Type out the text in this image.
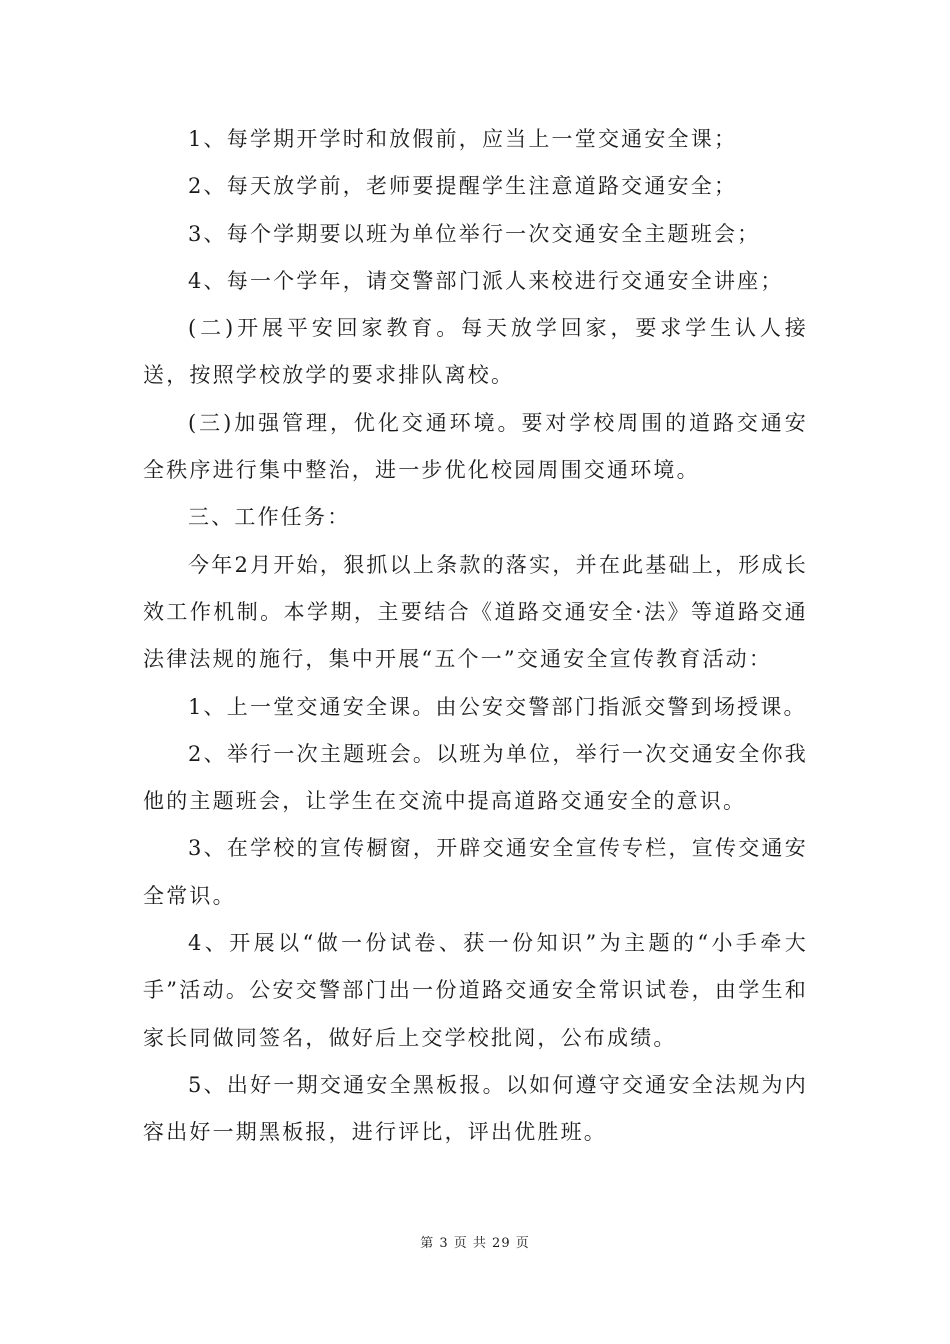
1、每学期开学时和放假前，应当上一堂交通安全课；

2、每天放学前，老师要提醒学生注意道路交通安全；

3、每个学期要以班为单位举行一次交通安全主题班会；

4、每一个学年，请交警部门派人来校进行交通安全讲座；

(二)开展平安回家教育。每天放学回家，要求学生认人接送，按照学校放学的要求排队离校。

(三)加强管理，优化交通环境。要对学校周围的道路交通安全秩序进行集中整治，进一步优化校园周围交通环境。

三、工作任务：

今年2月开始，狠抓以上条款的落实，并在此基础上，形成长效工作机制。本学期，主要结合《道路交通安全·法》等道路交通法律法规的施行，集中开展“五个一”交通安全宣传教育活动：

1、上一堂交通安全课。由公安交警部门指派交警到场授课。

2、举行一次主题班会。以班为单位，举行一次交通安全你我他的主题班会，让学生在交流中提高道路交通安全的意识。

3、在学校的宣传橱窗，开辟交通安全宣传专栏，宣传交通安全常识。

4、开展以“做一份试卷、获一份知识”为主题的“小手牵大手”活动。公安交警部门出一份道路交通安全常识试卷，由学生和家长同做同签名，做好后上交学校批阅，公布成绩。

5、出好一期交通安全黑板报。以如何遵守交通安全法规为内容出好一期黑板报，进行评比，评出优胜班。

第 3 页 共 29 页
